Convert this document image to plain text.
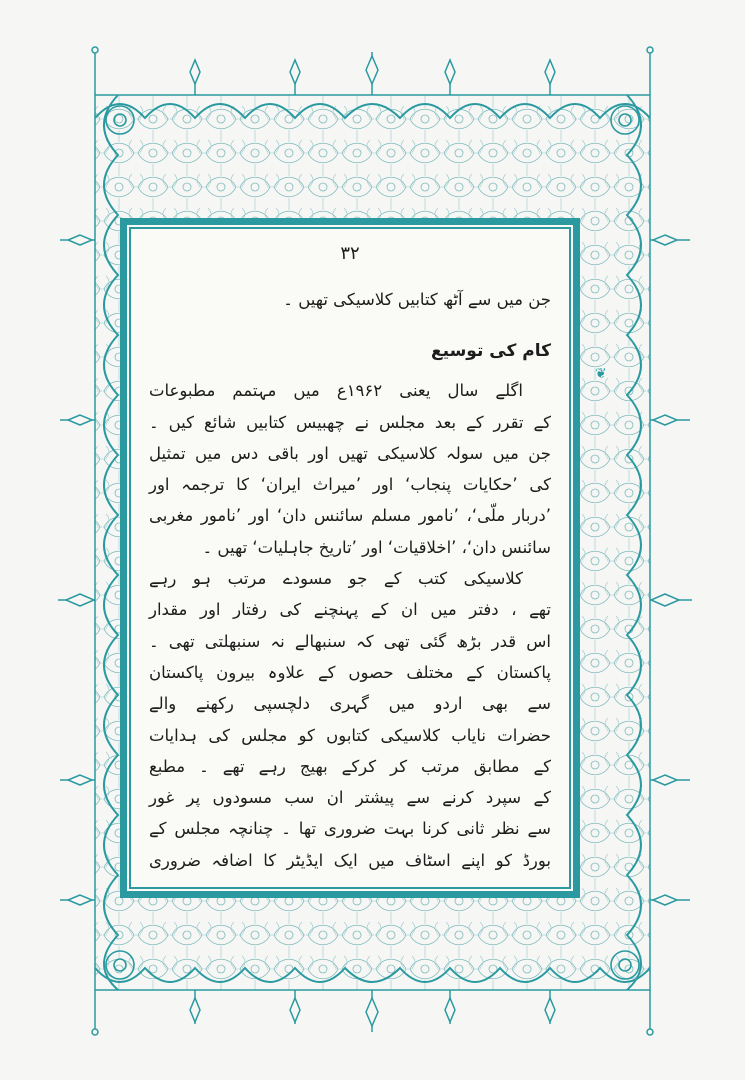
٣٢
جن میں سے آٹھ کتابیں کلاسیکی تھیں ۔
کام کی توسیع
اگلے سال یعنی ۱۹۶۲ع میں مہتمم مطبوعات
کے تقرر کے بعد مجلس نے چھبیس کتابیں شائع کیں ۔
جن میں سولہ کلاسیکی تھیں اور باقی دس میں تمثیل
کی ’حکایات پنجاب‘ اور ’میراث ایران‘ کا ترجمہ اور
’دربار ملّی‘، ’نامور مسلم سائنس دان‘ اور ’نامور مغربی
سائنس دان‘، ’اخلاقیات‘ اور ’تاریخ جاہلیات‘ تھیں ۔
کلاسیکی کتب کے جو مسودے مرتب ہو رہے
تھے ، دفتر میں ان کے پہنچنے کی رفتار اور مقدار
اس قدر بڑھ گئی تھی کہ سنبھالے نہ سنبھلتی تھی ۔
پاکستان کے مختلف حصوں کے علاوہ بیرون پاکستان
سے بھی اردو میں گہری دلچسپی رکھنے والے
حضرات نایاب کلاسیکی کتابوں کو مجلس کی ہدایات
کے مطابق مرتب کر کرکے بھیج رہے تھے ۔ مطبع
کے سپرد کرنے سے پیشتر ان سب مسودوں پر غور
سے نظر ثانی کرنا بہت ضروری تھا ۔ چنانچہ مجلس کے
بورڈ کو اپنے اسٹاف میں ایک ایڈیٹر کا اضافہ ضروری
❦
